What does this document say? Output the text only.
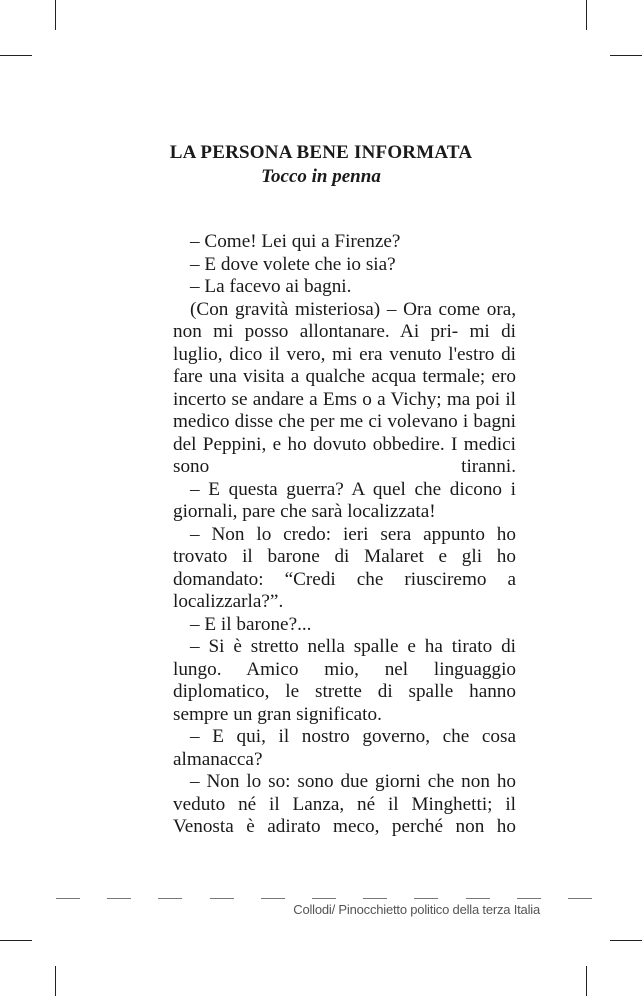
LA PERSONA BENE INFORMATA
Tocco in penna

– Come! Lei qui a Firenze?

– E dove volete che io sia?

– La facevo ai bagni.

(Con gravità misteriosa) – Ora come ora, non mi posso allontanare. Ai pri- mi di luglio, dico il vero, mi era venuto l'estro di fare una visita a qualche acqua termale; ero incerto se andare a Ems o a Vichy; ma poi il medico disse che per me ci volevano i bagni del Peppini, e ho dovuto obbedire. I medici sono tiranni.

– E questa guerra? A quel che dicono i giornali, pare che sarà localizzata!

– Non lo credo: ieri sera appunto ho trovato il barone di Malaret e gli ho domandato: “Credi che riusciremo a localizzarla?”.

– E il barone?...

– Si è stretto nella spalle e ha tirato di lungo. Amico mio, nel linguaggio diplomatico, le strette di spalle hanno sempre un gran significato.

– E qui, il nostro governo, che cosa almanacca?

– Non lo so: sono due giorni che non ho veduto né il Lanza, né il Minghetti; il Venosta è adirato meco, perché non ho

Collodi/ Pinocchietto politico della terza Italia
